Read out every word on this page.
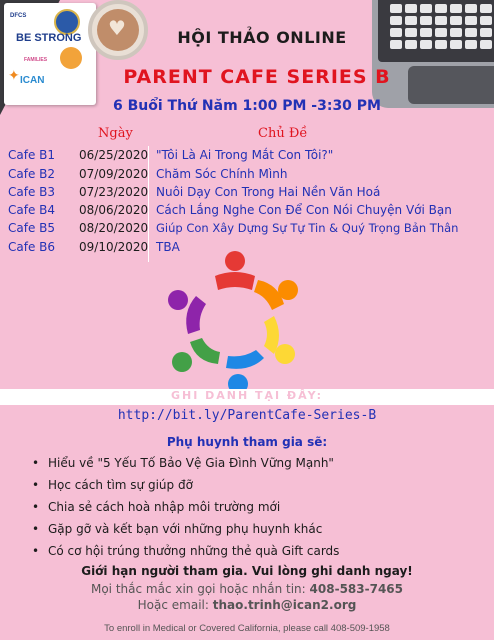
DFCS
BE STRONG
FAMILIES
✦ ICAN
♥	HỘI THẢO ONLINE
PARENT CAFE SERIES B
6 Buổi Thứ Năm 1:00 PM -3:30 PM
Ngày	Chủ Đề
Cafe B1 06/25/2020 "Tôi Là Ai Trong Mắt Con Tôi?"
Cafe B2 07/09/2020 Chăm Sóc Chính Mình
Cafe B3 07/23/2020 Nuôi Dạy Con Trong Hai Nền Văn Hoá
Cafe B4 08/06/2020 Cách Lắng Nghe Con Để Con Nói Chuyện Với Bạn
Cafe B5 08/20/2020 Giúp Con Xây Dựng Sự Tự Tin & Quý Trọng Bản Thân
Cafe B6 09/10/2020 TBA
GHI DANH TẠI ĐÂY:
http://bit.ly/ParentCafe-Series-B
Phụ huynh tham gia sẽ:
• Hiểu về "5 Yếu Tố Bảo Vệ Gia Đình Vững Mạnh"
• Học cách tìm sự giúp đỡ
• Chia sẻ cách hoà nhập môi trường mới
• Gặp gỡ và kết bạn với những phụ huynh khác
• Có cơ hội trúng thưởng những thẻ quà Gift cards
Giới hạn người tham gia. Vui lòng ghi danh ngay!
Mọi thắc mắc xin gọi hoặc nhắn tin: 408-583-7465
Hoặc email: thao.trinh@ican2.org
To enroll in Medical or Covered California, please call 408-509-1958
